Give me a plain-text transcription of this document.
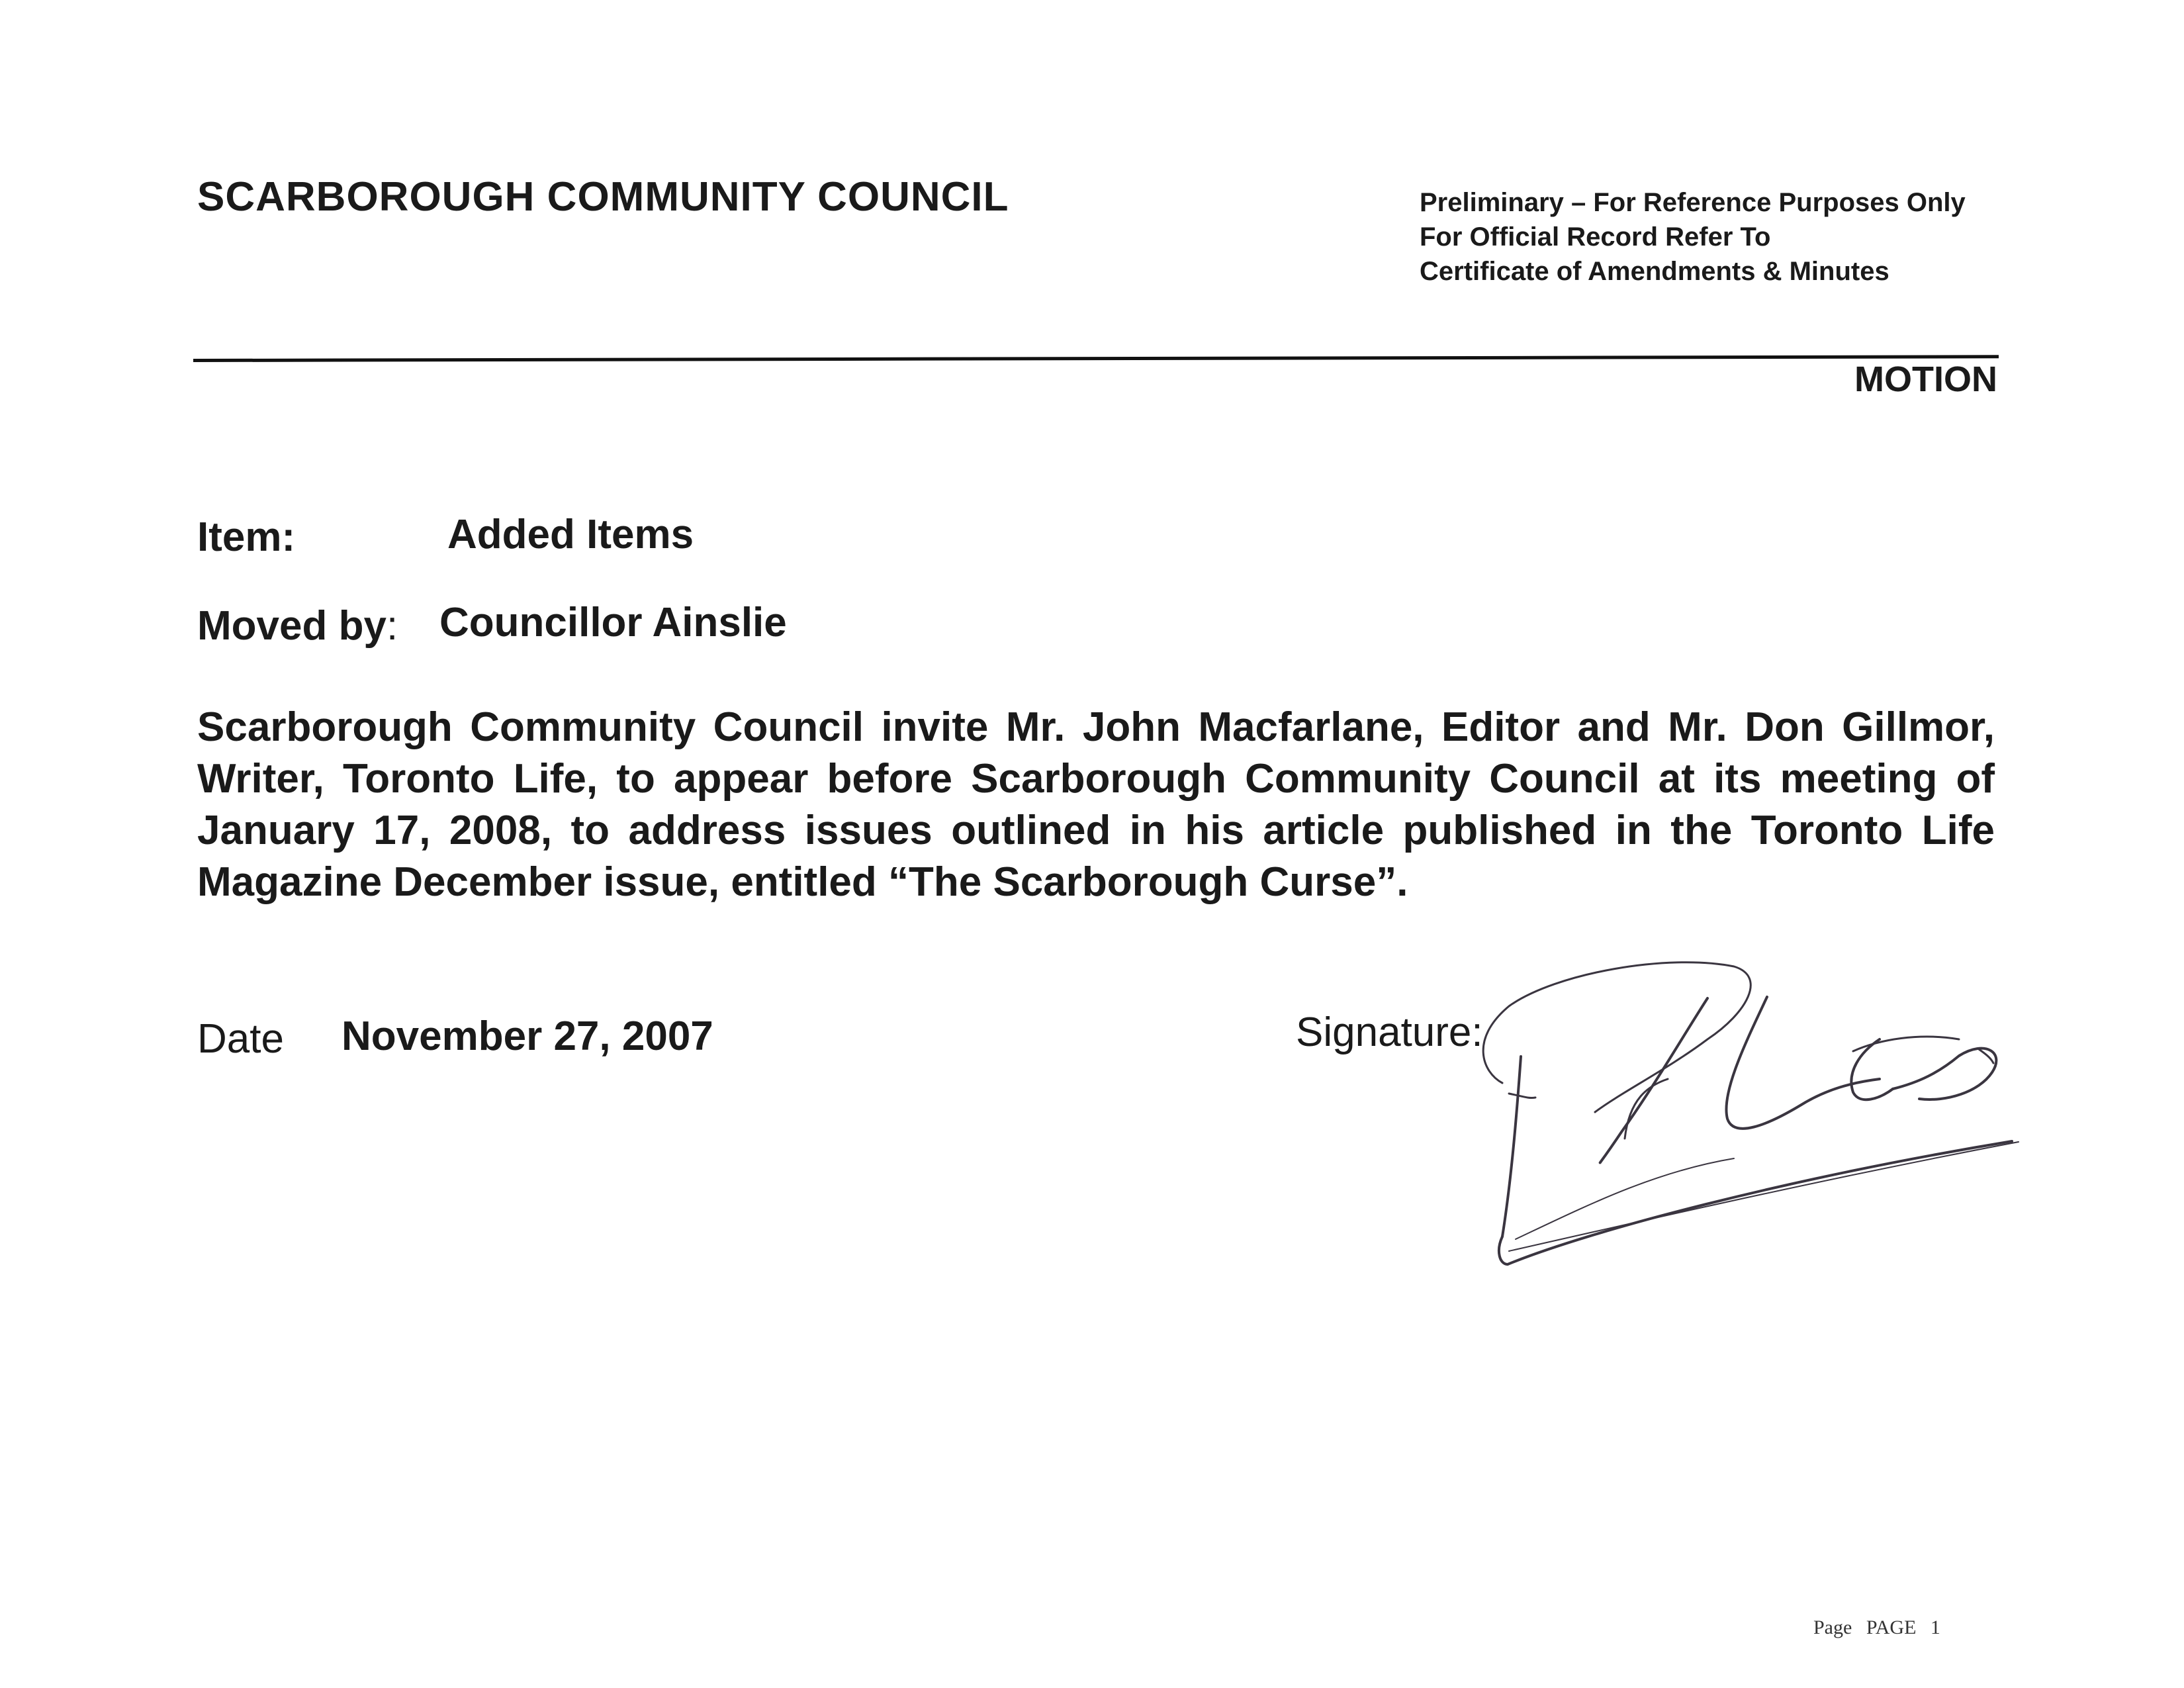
SCARBOROUGH COMMUNITY COUNCIL	Preliminary – For Reference Purposes Only
For Official Record Refer To
Certificate of Amendments & Minutes
MOTION
Item:	Added Items
Moved by: Councillor Ainslie
Scarborough Community Council invite Mr. John Macfarlane, Editor and Mr. Don Gillmor, Writer, Toronto Life, to appear before Scarborough Community Council at its meeting of January 17, 2008, to address issues outlined in his article published in the Toronto Life Magazine December issue, entitled “The Scarborough Curse”.
Date November 27, 2007	Signature:
Page PAGE 1
